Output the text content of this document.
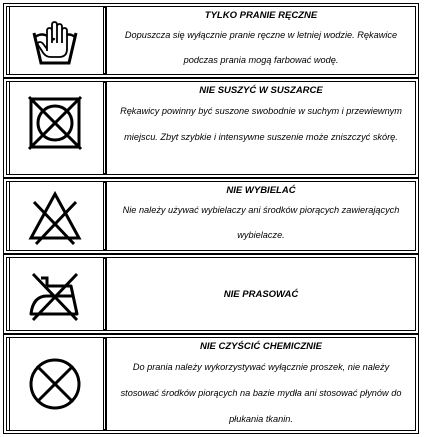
TYLKO PRANIE RĘCZNE
Dopuszcza się wyłącznie pranie ręczne w letniej wodzie. Rękawice podczas prania mogą farbować wodę.
NIE SUSZYĆ W SUSZARCE
Rękawicy powinny być suszone swobodnie w suchym i przewiewnym miejscu. Zbyt szybkie i intensywne suszenie może zniszczyć skórę.
NIE WYBIELAĆ
Nie należy używać wybielaczy ani środków piorących zawierających wybielacze.
NIE PRASOWAĆ
NIE CZYŚCIĆ CHEMICZNIE
Do prania należy wykorzystywać wyłącznie proszek, nie należy stosować środków piorących na bazie mydła ani stosować płynów do płukania tkanin.
